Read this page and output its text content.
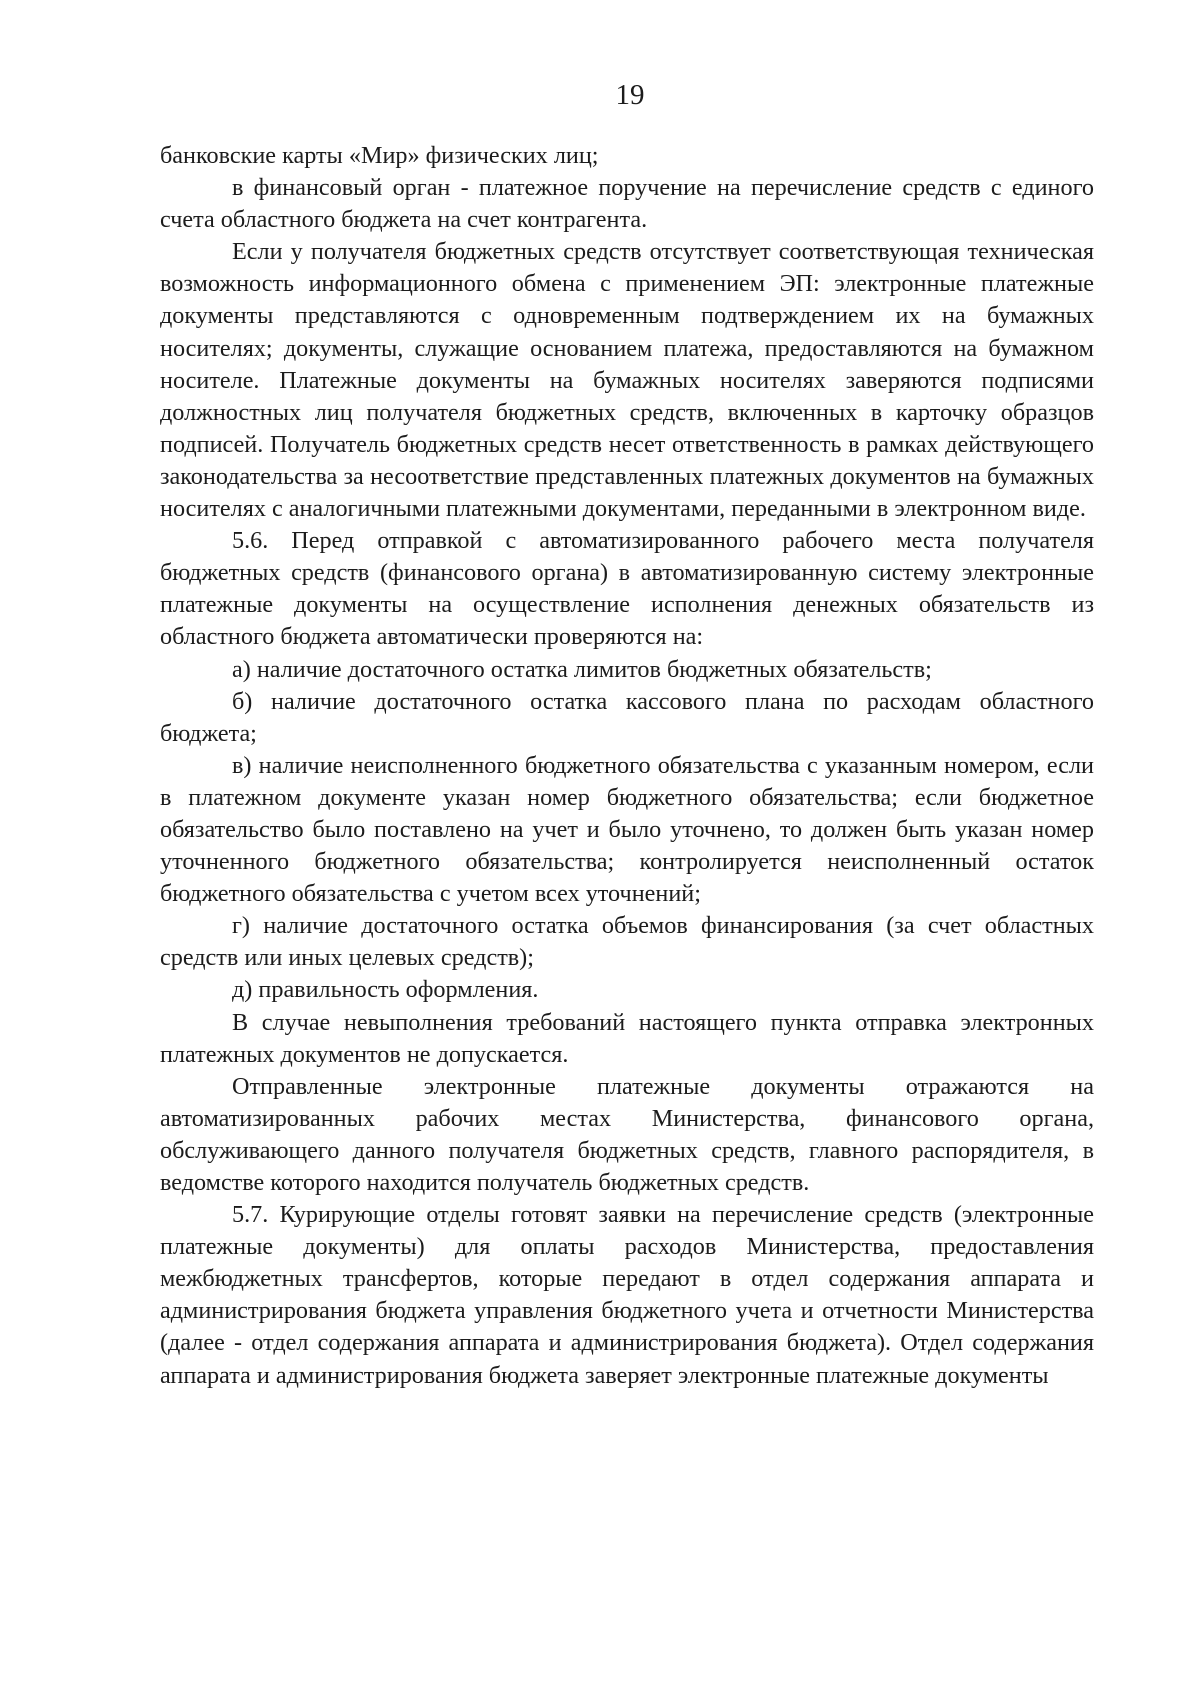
19

банковские карты «Мир» физических лиц;

в финансовый орган - платежное поручение на перечисление средств с единого счета областного бюджета на счет контрагента.

Если у получателя бюджетных средств отсутствует соответствующая техническая возможность информационного обмена с применением ЭП: электронные платежные документы представляются с одновременным подтверждением их на бумажных носителях; документы, служащие основанием платежа, предоставляются на бумажном носителе. Платежные документы на бумажных носителях заверяются подписями должностных лиц получателя бюджетных средств, включенных в карточку образцов подписей. Получатель бюджетных средств несет ответственность в рамках действующего законодательства за несоответствие представленных платежных документов на бумажных носителях с аналогичными платежными документами, переданными в электронном виде.

5.6. Перед отправкой с автоматизированного рабочего места получателя бюджетных средств (финансового органа) в автоматизированную систему электронные платежные документы на осуществление исполнения денежных обязательств из областного бюджета автоматически проверяются на:

а) наличие достаточного остатка лимитов бюджетных обязательств;

б) наличие достаточного остатка кассового плана по расходам областного бюджета;

в) наличие неисполненного бюджетного обязательства с указанным номером, если в платежном документе указан номер бюджетного обязательства; если бюджетное обязательство было поставлено на учет и было уточнено, то должен быть указан номер уточненного бюджетного обязательства; контролируется неисполненный остаток бюджетного обязательства с учетом всех уточнений;

г) наличие достаточного остатка объемов финансирования (за счет областных средств или иных целевых средств);

д) правильность оформления.

В случае невыполнения требований настоящего пункта отправка электронных платежных документов не допускается.

Отправленные электронные платежные документы отражаются на автоматизированных рабочих местах Министерства, финансового органа, обслуживающего данного получателя бюджетных средств, главного распорядителя, в ведомстве которого находится получатель бюджетных средств.

5.7. Курирующие отделы готовят заявки на перечисление средств (электронные платежные документы) для оплаты расходов Министерства, предоставления межбюджетных трансфертов, которые передают в отдел содержания аппарата и администрирования бюджета управления бюджетного учета и отчетности Министерства (далее - отдел содержания аппарата и администрирования бюджета). Отдел содержания аппарата и администрирования бюджета заверяет электронные платежные документы
